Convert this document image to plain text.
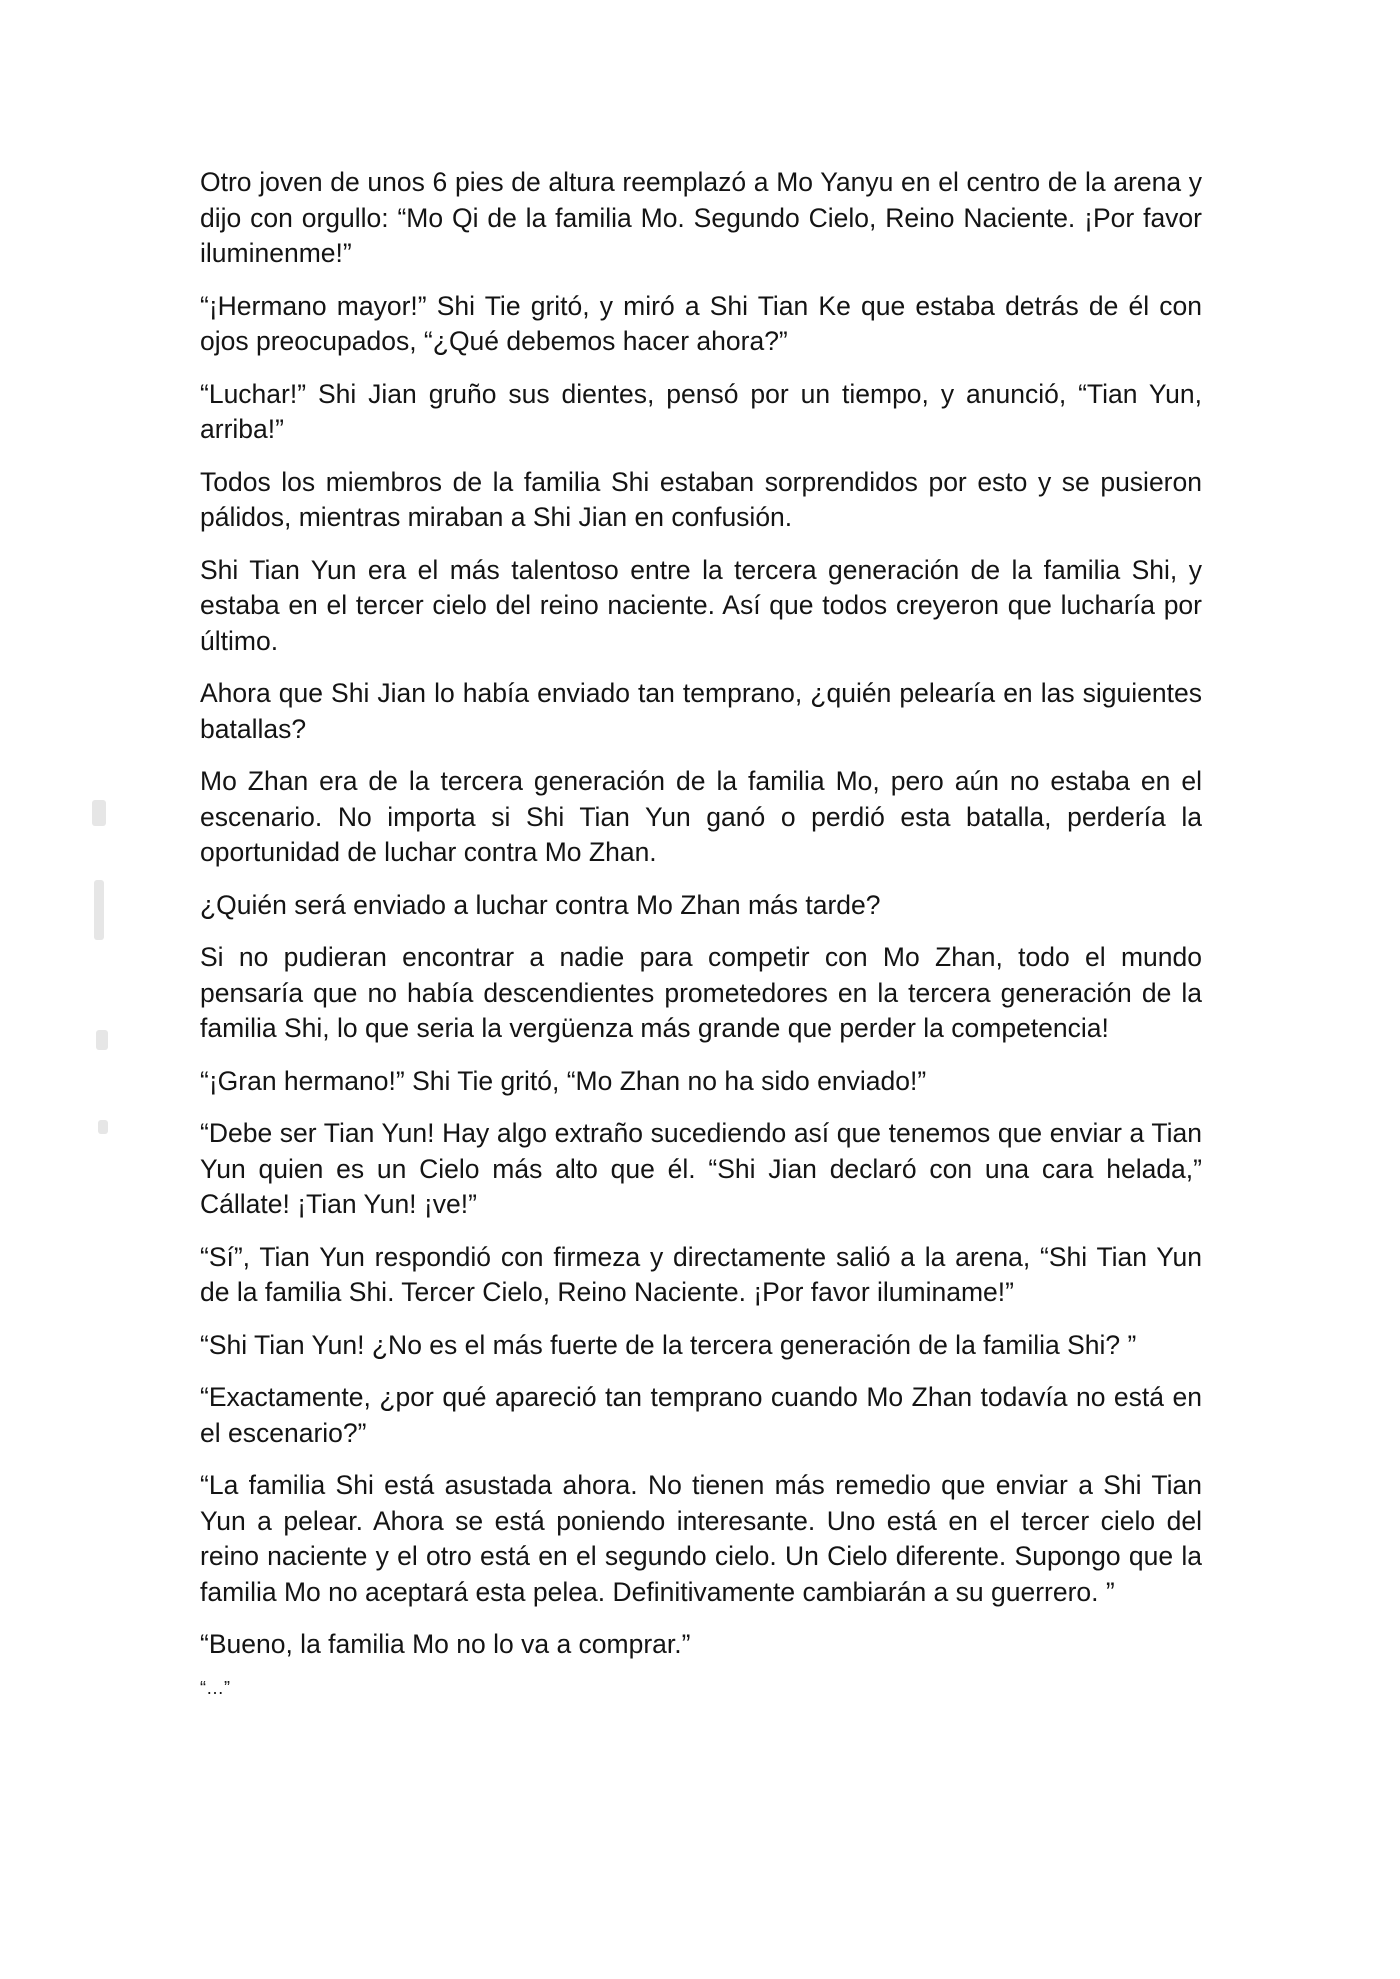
Otro joven de unos 6 pies de altura reemplazó a Mo Yanyu en el centro de la arena y dijo con orgullo: “Mo Qi de la familia Mo. Segundo Cielo, Reino Naciente. ¡Por favor iluminenme!”

“¡Hermano mayor!” Shi Tie gritó, y miró a Shi Tian Ke que estaba detrás de él con ojos preocupados, “¿Qué debemos hacer ahora?”

“Luchar!” Shi Jian gruño sus dientes, pensó por un tiempo, y anunció, “Tian Yun, arriba!”

Todos los miembros de la familia Shi estaban sorprendidos por esto y se pusieron pálidos, mientras miraban a Shi Jian en confusión.

Shi Tian Yun era el más talentoso entre la tercera generación de la familia Shi, y estaba en el tercer cielo del reino naciente. Así que todos creyeron que lucharía por último.

Ahora que Shi Jian lo había enviado tan temprano, ¿quién pelearía en las siguientes batallas?

Mo Zhan era de la tercera generación de la familia Mo, pero aún no estaba en el escenario. No importa si Shi Tian Yun ganó o perdió esta batalla, perdería la oportunidad de luchar contra Mo Zhan.

¿Quién será enviado a luchar contra Mo Zhan más tarde?

Si no pudieran encontrar a nadie para competir con Mo Zhan, todo el mundo pensaría que no había descendientes prometedores en la tercera generación de la familia Shi, lo que seria la vergüenza más grande que perder la competencia!

“¡Gran hermano!” Shi Tie gritó, “Mo Zhan no ha sido enviado!”

“Debe ser Tian Yun! Hay algo extraño sucediendo así que tenemos que enviar a Tian Yun quien es un Cielo más alto que él. “Shi Jian declaró con una cara helada,” Cállate! ¡Tian Yun! ¡ve!”

“Sí”, Tian Yun respondió con firmeza y directamente salió a la arena, “Shi Tian Yun de la familia Shi. Tercer Cielo, Reino Naciente. ¡Por favor iluminame!”

“Shi Tian Yun! ¿No es el más fuerte de la tercera generación de la familia Shi? ”

“Exactamente, ¿por qué apareció tan temprano cuando Mo Zhan todavía no está en el escenario?”

“La familia Shi está asustada ahora. No tienen más remedio que enviar a Shi Tian Yun a pelear. Ahora se está poniendo interesante. Uno está en el tercer cielo del reino naciente y el otro está en el segundo cielo. Un Cielo diferente. Supongo que la familia Mo no aceptará esta pelea. Definitivamente cambiarán a su guerrero. ”

“Bueno, la familia Mo no lo va a comprar.”

“…”
